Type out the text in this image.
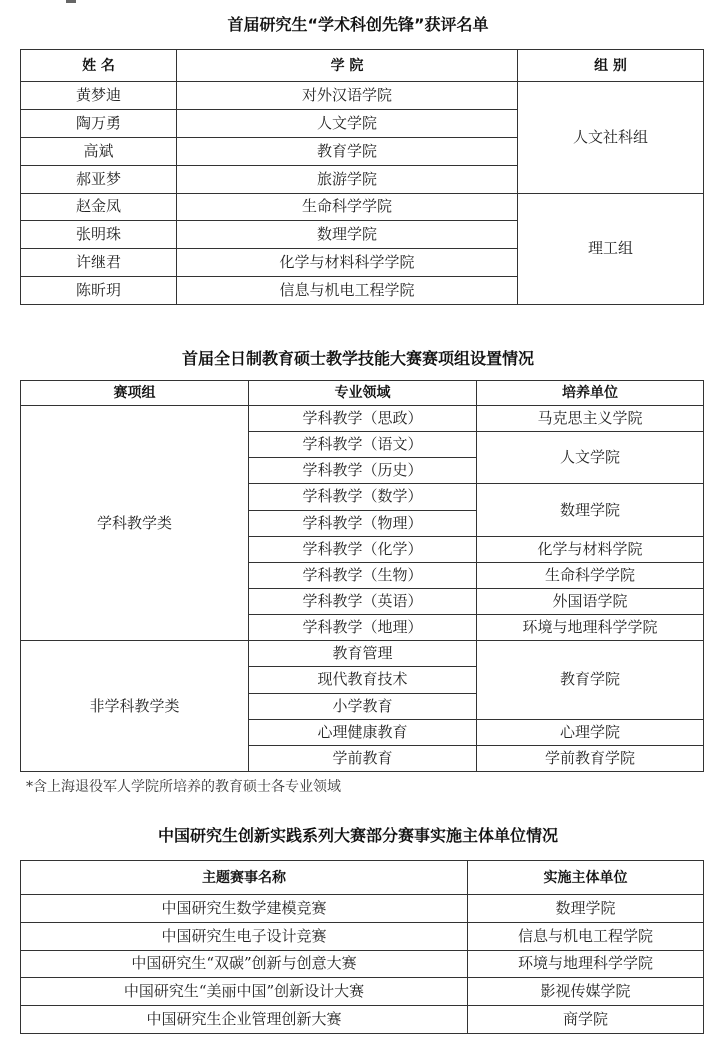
首届研究生“学术科创先锋”获评名单
姓 名	学 院	组 别
黄梦迪	对外汉语学院	人文社科组
陶万勇	人文学院	
高斌	教育学院	
郝亚梦	旅游学院	
赵金凤	生命科学学院	理工组
张明珠	数理学院	
许继君	化学与材料科学学院	
陈昕玥	信息与机电工程学院	
首届全日制教育硕士教学技能大赛赛项组设置情况
赛项组	专业领域	培养单位
学科教学类	学科教学（思政）	马克思主义学院
	学科教学（语文）	人文学院
	学科教学（历史）	
	学科教学（数学）	数理学院
	学科教学（物理）	
	学科教学（化学）	化学与材料学院
	学科教学（生物）	生命科学学院
	学科教学（英语）	外国语学院
	学科教学（地理）	环境与地理科学学院
非学科教学类	教育管理	教育学院
	现代教育技术	
	小学教育	
	心理健康教育	心理学院
	学前教育	学前教育学院
*含上海退役军人学院所培养的教育硕士各专业领域
中国研究生创新实践系列大赛部分赛事实施主体单位情况
主题赛事名称	实施主体单位
中国研究生数学建模竞赛	数理学院
中国研究生电子设计竞赛	信息与机电工程学院
中国研究生“双碳”创新与创意大赛	环境与地理科学学院
中国研究生“美丽中国”创新设计大赛	影视传媒学院
中国研究生企业管理创新大赛	商学院
